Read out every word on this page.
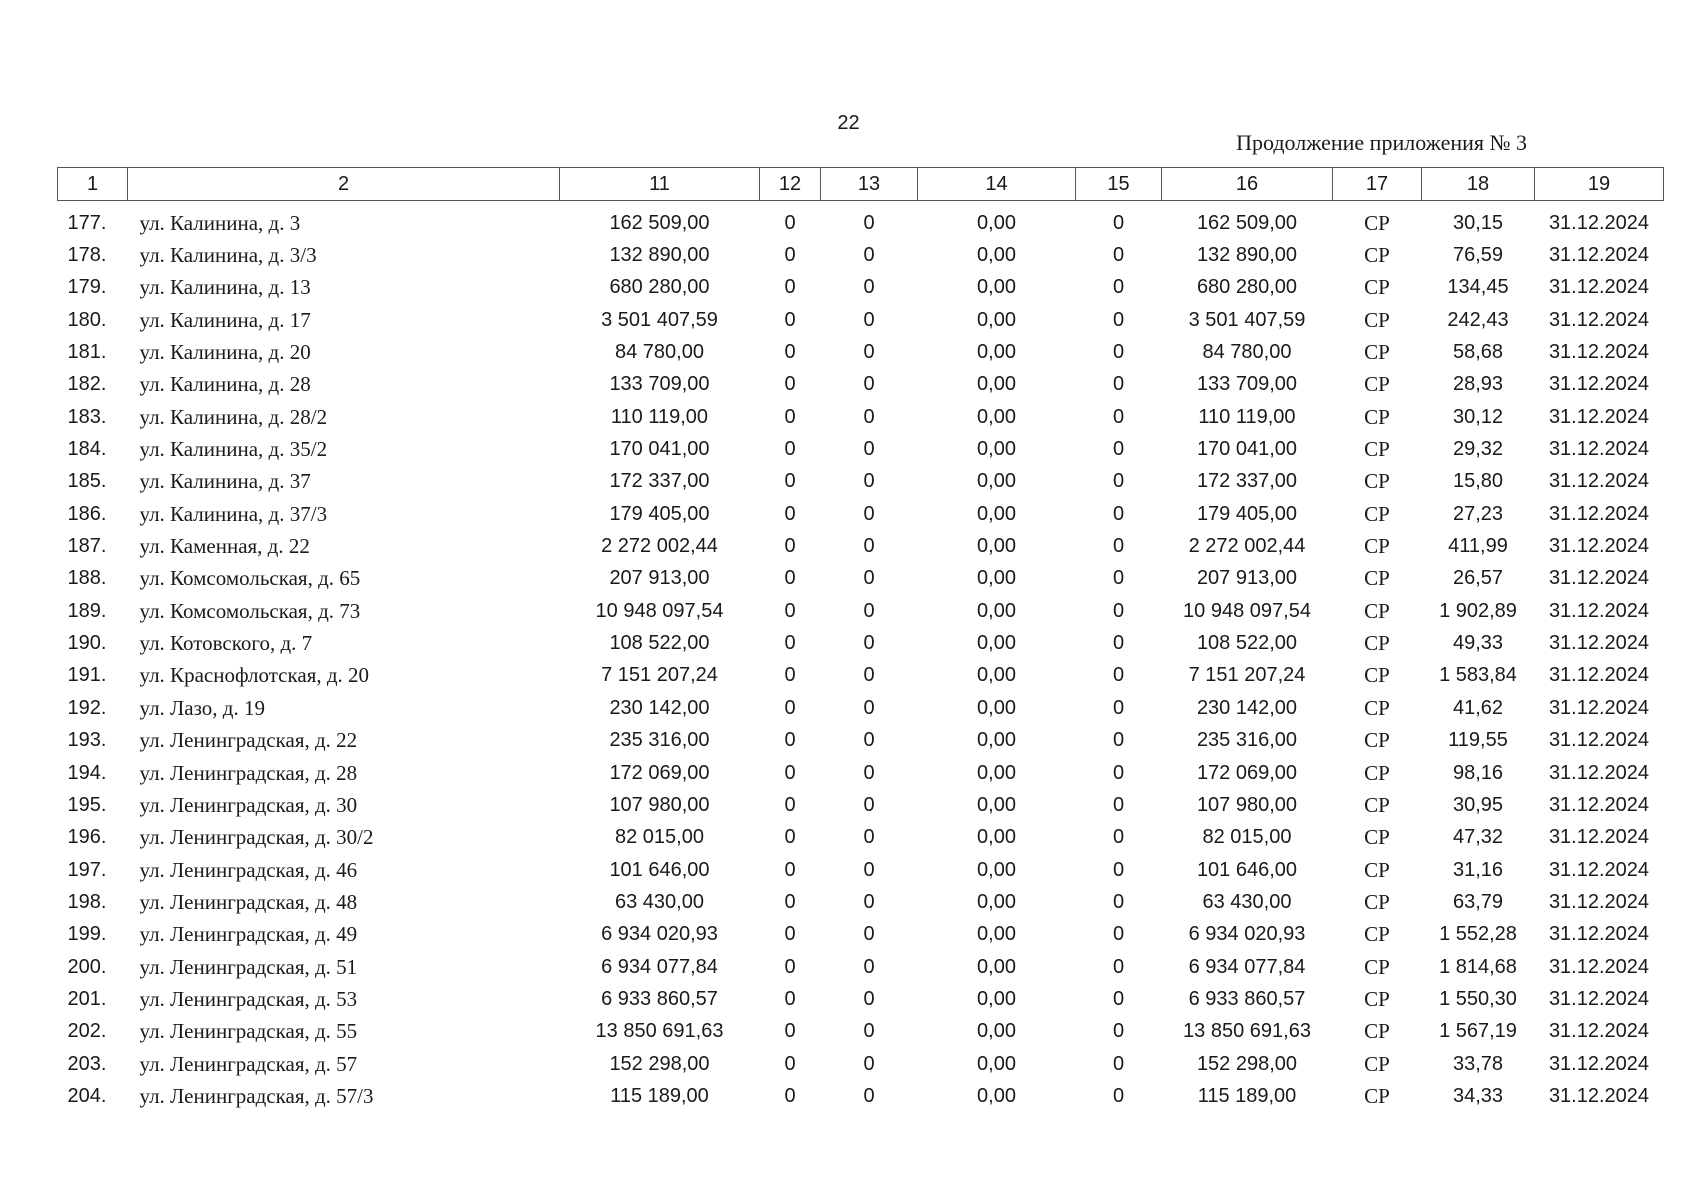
22
Продолжение приложения № 3
1	2	11	12	13	14	15	16	17	18	19
177.	ул. Калинина, д. 3	162 509,00	0	0	0,00	0	162 509,00	СР	30,15	31.12.2024
178.	ул. Калинина, д. 3/3	132 890,00	0	0	0,00	0	132 890,00	СР	76,59	31.12.2024
179.	ул. Калинина, д. 13	680 280,00	0	0	0,00	0	680 280,00	СР	134,45	31.12.2024
180.	ул. Калинина, д. 17	3 501 407,59	0	0	0,00	0	3 501 407,59	СР	242,43	31.12.2024
181.	ул. Калинина, д. 20	84 780,00	0	0	0,00	0	84 780,00	СР	58,68	31.12.2024
182.	ул. Калинина, д. 28	133 709,00	0	0	0,00	0	133 709,00	СР	28,93	31.12.2024
183.	ул. Калинина, д. 28/2	110 119,00	0	0	0,00	0	110 119,00	СР	30,12	31.12.2024
184.	ул. Калинина, д. 35/2	170 041,00	0	0	0,00	0	170 041,00	СР	29,32	31.12.2024
185.	ул. Калинина, д. 37	172 337,00	0	0	0,00	0	172 337,00	СР	15,80	31.12.2024
186.	ул. Калинина, д. 37/3	179 405,00	0	0	0,00	0	179 405,00	СР	27,23	31.12.2024
187.	ул. Каменная, д. 22	2 272 002,44	0	0	0,00	0	2 272 002,44	СР	411,99	31.12.2024
188.	ул. Комсомольская, д. 65	207 913,00	0	0	0,00	0	207 913,00	СР	26,57	31.12.2024
189.	ул. Комсомольская, д. 73	10 948 097,54	0	0	0,00	0	10 948 097,54	СР	1 902,89	31.12.2024
190.	ул. Котовского, д. 7	108 522,00	0	0	0,00	0	108 522,00	СР	49,33	31.12.2024
191.	ул. Краснофлотская, д. 20	7 151 207,24	0	0	0,00	0	7 151 207,24	СР	1 583,84	31.12.2024
192.	ул. Лазо, д. 19	230 142,00	0	0	0,00	0	230 142,00	СР	41,62	31.12.2024
193.	ул. Ленинградская, д. 22	235 316,00	0	0	0,00	0	235 316,00	СР	119,55	31.12.2024
194.	ул. Ленинградская, д. 28	172 069,00	0	0	0,00	0	172 069,00	СР	98,16	31.12.2024
195.	ул. Ленинградская, д. 30	107 980,00	0	0	0,00	0	107 980,00	СР	30,95	31.12.2024
196.	ул. Ленинградская, д. 30/2	82 015,00	0	0	0,00	0	82 015,00	СР	47,32	31.12.2024
197.	ул. Ленинградская, д. 46	101 646,00	0	0	0,00	0	101 646,00	СР	31,16	31.12.2024
198.	ул. Ленинградская, д. 48	63 430,00	0	0	0,00	0	63 430,00	СР	63,79	31.12.2024
199.	ул. Ленинградская, д. 49	6 934 020,93	0	0	0,00	0	6 934 020,93	СР	1 552,28	31.12.2024
200.	ул. Ленинградская, д. 51	6 934 077,84	0	0	0,00	0	6 934 077,84	СР	1 814,68	31.12.2024
201.	ул. Ленинградская, д. 53	6 933 860,57	0	0	0,00	0	6 933 860,57	СР	1 550,30	31.12.2024
202.	ул. Ленинградская, д. 55	13 850 691,63	0	0	0,00	0	13 850 691,63	СР	1 567,19	31.12.2024
203.	ул. Ленинградская, д. 57	152 298,00	0	0	0,00	0	152 298,00	СР	33,78	31.12.2024
204.	ул. Ленинградская, д. 57/3	115 189,00	0	0	0,00	0	115 189,00	СР	34,33	31.12.2024
